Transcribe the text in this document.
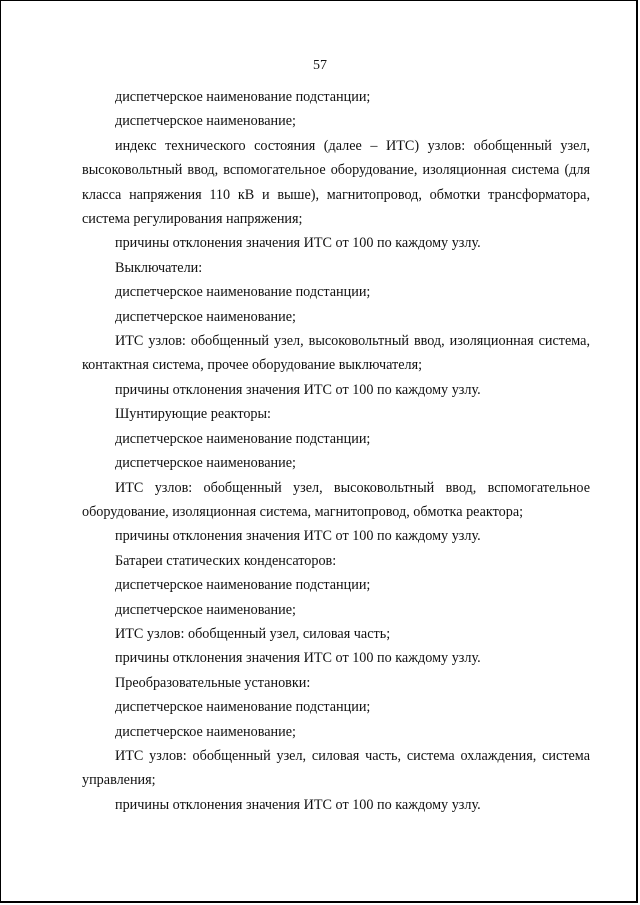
57

диспетчерское наименование подстанции;

диспетчерское наименование;

индекс технического состояния (далее – ИТС) узлов: обобщенный узел, высоковольтный ввод, вспомогательное оборудование, изоляционная система (для класса напряжения 110 кВ и выше), магнитопровод, обмотки трансформатора, система регулирования напряжения;

причины отклонения значения ИТС от 100 по каждому узлу.

Выключатели:

диспетчерское наименование подстанции;

диспетчерское наименование;

ИТС узлов: обобщенный узел, высоковольтный ввод, изоляционная система, контактная система, прочее оборудование выключателя;

причины отклонения значения ИТС от 100 по каждому узлу.

Шунтирующие реакторы:

диспетчерское наименование подстанции;

диспетчерское наименование;

ИТС узлов: обобщенный узел, высоковольтный ввод, вспомогательное оборудование, изоляционная система, магнитопровод, обмотка реактора;

причины отклонения значения ИТС от 100 по каждому узлу.

Батареи статических конденсаторов:

диспетчерское наименование подстанции;

диспетчерское наименование;

ИТС узлов: обобщенный узел, силовая часть;

причины отклонения значения ИТС от 100 по каждому узлу.

Преобразовательные установки:

диспетчерское наименование подстанции;

диспетчерское наименование;

ИТС узлов: обобщенный узел, силовая часть, система охлаждения, система управления;

причины отклонения значения ИТС от 100 по каждому узлу.
